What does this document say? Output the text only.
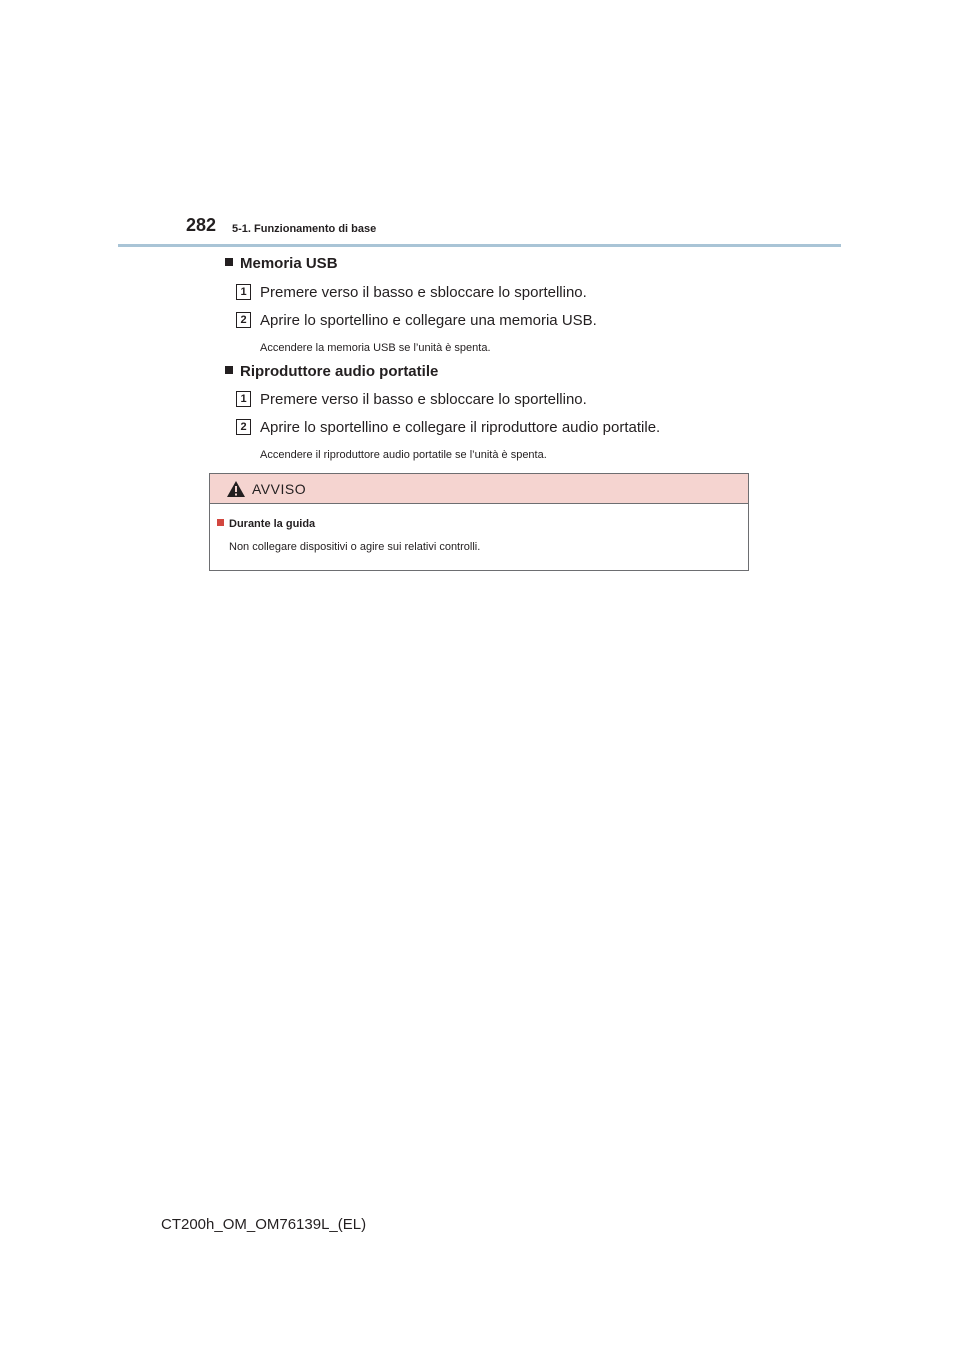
282 5-1. Funzionamento di base
Memoria USB
1 Premere verso il basso e sbloccare lo sportellino.
2 Aprire lo sportellino e collegare una memoria USB.
Accendere la memoria USB se l’unità è spenta.
Riproduttore audio portatile
1 Premere verso il basso e sbloccare lo sportellino.
2 Aprire lo sportellino e collegare il riproduttore audio portatile.
Accendere il riproduttore audio portatile se l’unità è spenta.
AVVISO
Durante la guida
Non collegare dispositivi o agire sui relativi controlli.
CT200h_OM_OM76139L_(EL)
